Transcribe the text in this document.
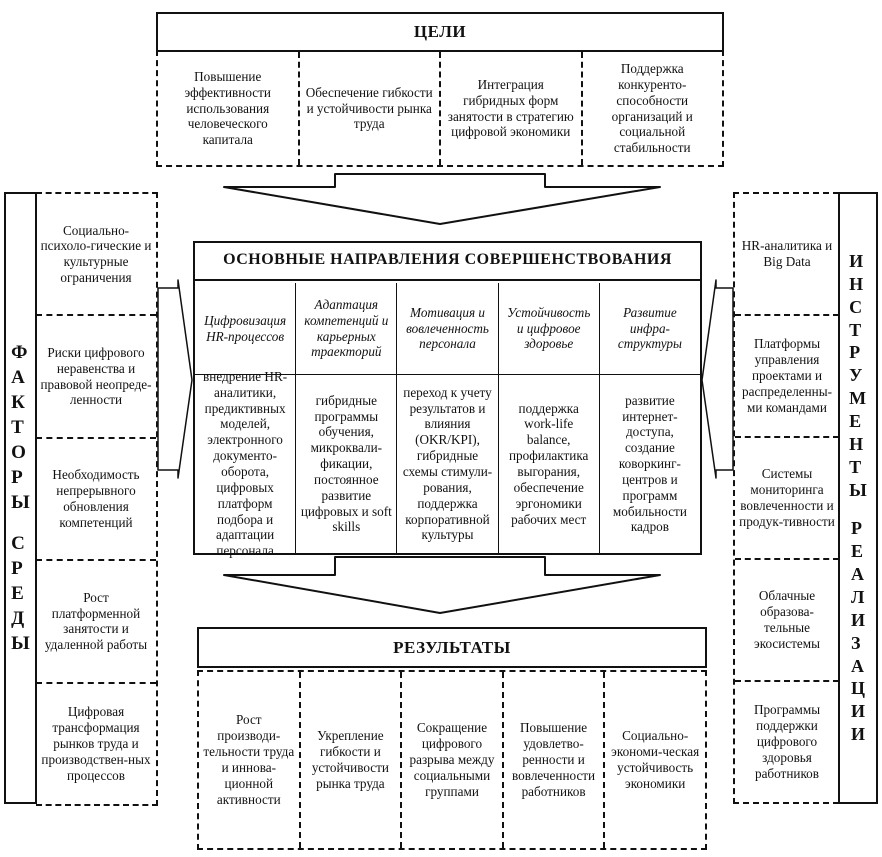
ЦЕЛИ
Повышение эффективности использования человеческого капитала
Обеспечение гибкости и устойчивости рынка труда
Интеграция гибридных форм занятости в стратегию цифровой экономики
Поддержка конкуренто-способности организаций и социальной стабильности
ОСНОВНЫЕ НАПРАВЛЕНИЯ СОВЕРШЕНСТВОВАНИЯ
Цифровизация HR-процессов
Адаптация компетенций и карьерных траекторий
Мотивация и вовлеченность персонала
Устойчивость и цифровое здоровье
Развитие инфра-структуры
внедрение HR-аналитики, предиктивных моделей, электронного документо-оборота, цифровых платформ подбора и адаптации персонала
гибридные программы обучения, микроквали-фикации, постоянное развитие цифровых и soft skills
переход к учету результатов и влияния (OKR/KPI), гибридные схемы стимули-рования, поддержка корпоративной культуры
поддержка work-life balance, профилактика выгорания, обеспечение эргономики рабочих мест
развитие интернет-доступа, создание коворкинг-центров и программ мобильности кадров
РЕЗУЛЬТАТЫ
Рост производи-тельности труда и иннова-ционной активности
Укрепление гибкости и устойчивости рынка труда
Сокращение цифрового разрыва между социальными группами
Повышение удовлетво-ренности и вовлеченности работников
Социально-экономи-ческая устойчивость экономики
Ф
А
К
Т
О
Р
Ы
С
Р
Е
Д
Ы
Социально-психоло-гические и культурные ограничения
Риски цифрового неравенства и правовой неопреде-ленности
Необходимость непрерывного обновления компетенций
Рост платформенной занятости и удаленной работы
Цифровая трансформация рынков труда и производствен-ных процессов
HR-аналитика и Big Data
Платформы управления проектами и распределенны-ми командами
Системы мониторинга вовлеченности и продук-тивности
Облачные образова-тельные экосистемы
Программы поддержки цифрового здоровья работников
И
Н
С
Т
Р
У
М
Е
Н
Т
Ы
Р
Е
А
Л
И
З
А
Ц
И
И
